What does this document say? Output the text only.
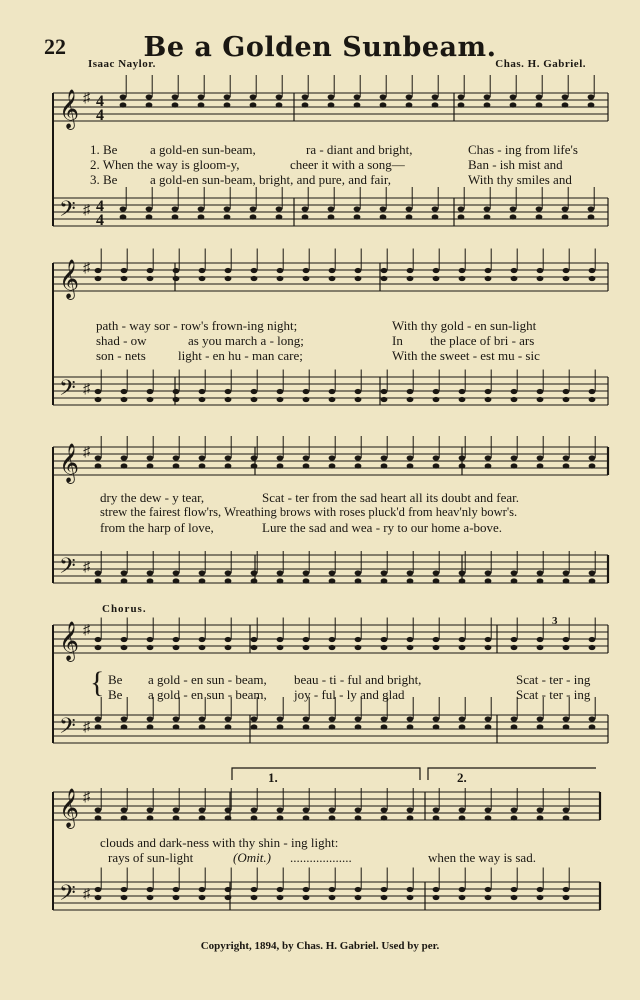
22	Be a Golden Sunbeam.
Isaac Naylor.	Chas. H. Gabriel.
𝄞
𝄢
♯
♯
𝄞
𝄢
♯
♯
𝄞
𝄢
♯
♯
𝄞
𝄢
♯
♯
𝄞
𝄢
♯
♯
4
4
4
4
1. Be	a gold-en sun-beam,	ra - diant and bright,	Chas - ing from life's
2. When the way is gloom-y,	cheer it with a song—	Ban - ish mist and
3. Be	a gold-en sun-beam, bright, and pure, and fair,	With thy smiles and
path - way sor - row's frown-ing night;	With thy gold - en sun-light
shad - ow	as you march a - long;	In the place of bri - ars
son - nets light - en hu - man care;	With the sweet - est mu - sic
dry the dew - y tear,	Scat - ter from the sad heart all its doubt and fear.
strew the fairest flow'rs, Wreathing brows with roses pluck'd from heav'nly bowr's.
from the harp of love,	Lure the sad and wea - ry to our home a-bove.
Chorus.
{ Be a gold - en sun - beam, beau - ti - ful and bright,	Scat - ter - ing
Be a gold - en sun - beam, joy - ful - ly and glad	Scat - ter - ing
1.	2.
3
clouds and dark-ness with thy shin - ing light:
rays of sun-light	(Omit.) ...................	when the way is sad.
Copyright, 1894, by Chas. H. Gabriel. Used by per.
